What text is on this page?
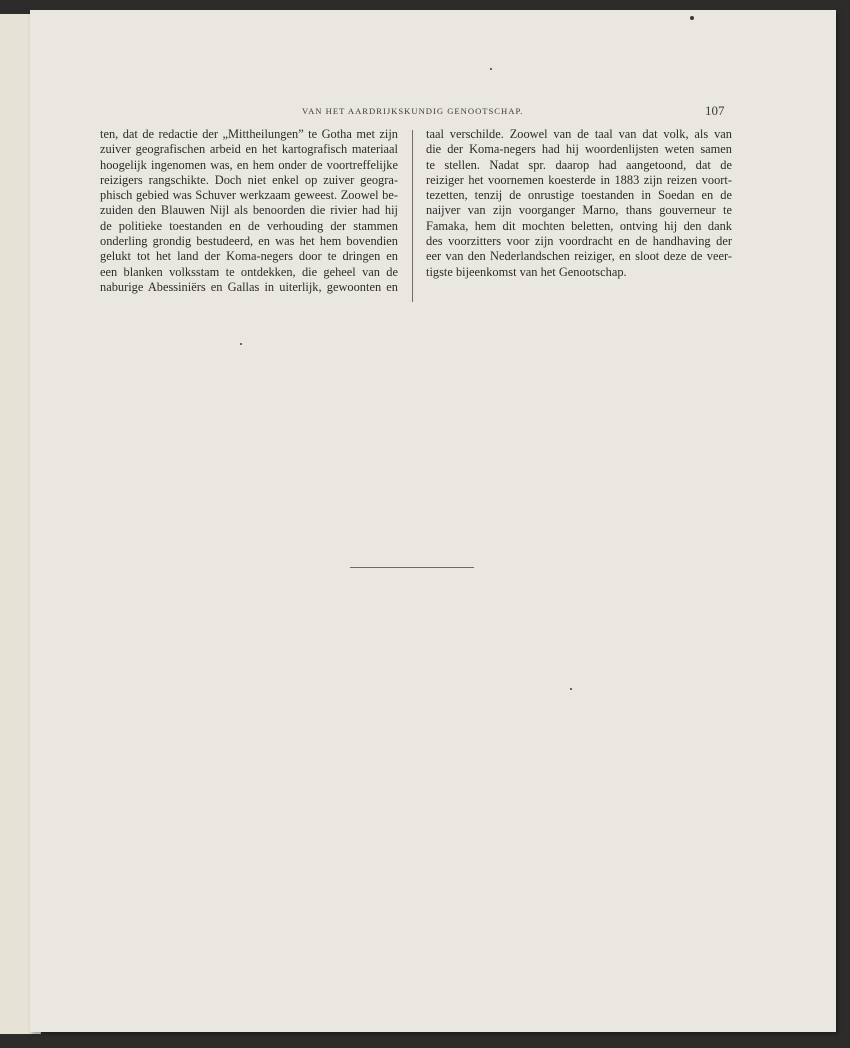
VAN HET AARDRIJKSKUNDIG GENOOTSCHAP.	107
ten, dat de redactie der „Mittheilungen” te Gotha met zijn
zuiver geografischen arbeid en het kartografisch materiaal
hoogelijk ingenomen was, en hem onder de voortreffelijke
reizigers rangschikte. Doch niet enkel op zuiver geogra-
phisch gebied was Schuver werkzaam geweest. Zoowel be-
zuiden den Blauwen Nijl als benoorden die rivier had hij
de politieke toestanden en de verhouding der stammen
onderling grondig bestudeerd, en was het hem bovendien
gelukt tot het land der Koma-negers door te dringen en
een blanken volksstam te ontdekken, die geheel van de
naburige Abessiniërs en Gallas in uiterlijk, gewoonten en
taal verschilde. Zoowel van de taal van dat volk, als van
die der Koma-negers had hij woordenlijsten weten samen
te stellen. Nadat spr. daarop had aangetoond, dat de
reiziger het voornemen koesterde in 1883 zijn reizen voort-
tezetten, tenzij de onrustige toestanden in Soedan en de
naijver van zijn voorganger Marno, thans gouverneur te
Famaka, hem dit mochten beletten, ontving hij den dank
des voorzitters voor zijn voordracht en de handhaving der
eer van den Nederlandschen reiziger, en sloot deze de veer-
tigste bijeenkomst van het Genootschap.
